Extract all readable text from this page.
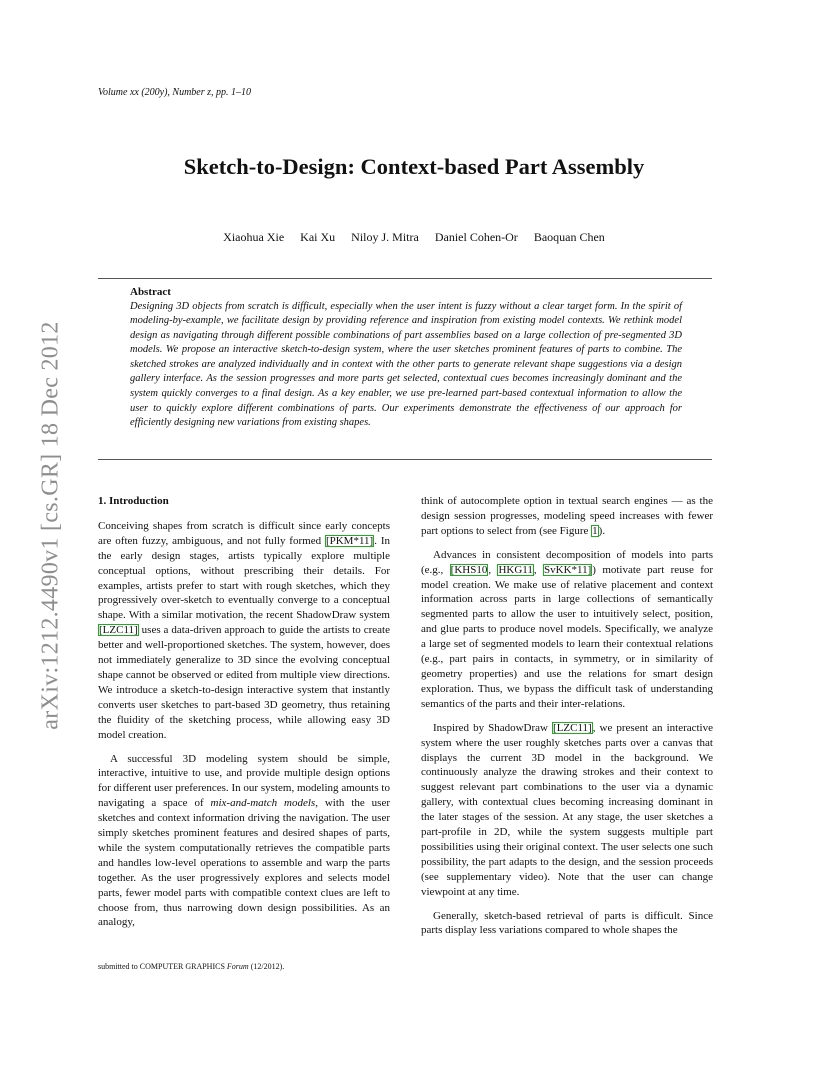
Volume xx (200y), Number z, pp. 1–10
arXiv:1212.4490v1 [cs.GR] 18 Dec 2012
Sketch-to-Design: Context-based Part Assembly
Xiaohua Xie Kai Xu Niloy J. Mitra Daniel Cohen-Or Baoquan Chen
Abstract

Designing 3D objects from scratch is difficult, especially when the user intent is fuzzy without a clear target form. In the spirit of modeling-by-example, we facilitate design by providing reference and inspiration from existing model contexts. We rethink model design as navigating through different possible combinations of part assemblies based on a large collection of pre-segmented 3D models. We propose an interactive sketch-to-design system, where the user sketches prominent features of parts to combine. The sketched strokes are analyzed individually and in context with the other parts to generate relevant shape suggestions via a design gallery interface. As the session progresses and more parts get selected, contextual cues becomes increasingly dominant and the system quickly converges to a final design. As a key enabler, we use pre-learned part-based contextual information to allow the user to quickly explore different combinations of parts. Our experiments demonstrate the effectiveness of our approach for efficiently designing new variations from existing shapes.

1. Introduction

Conceiving shapes from scratch is difficult since early concepts are often fuzzy, ambiguous, and not fully formed [PKM*11]. In the early design stages, artists typically explore multiple conceptual options, without prescribing their details. For examples, artists prefer to start with rough sketches, which they progressively over-sketch to eventually converge to a conceptual shape. With a similar motivation, the recent ShadowDraw system [LZC11] uses a data-driven approach to guide the artists to create better and well-proportioned sketches. The system, however, does not immediately generalize to 3D since the evolving conceptual shape cannot be observed or edited from multiple view directions. We introduce a sketch-to-design interactive system that instantly converts user sketches to part-based 3D geometry, thus retaining the fluidity of the sketching process, while allowing easy 3D model creation.

A successful 3D modeling system should be simple, interactive, intuitive to use, and provide multiple design options for different user preferences. In our system, modeling amounts to navigating a space of mix-and-match models, with the user sketches and context information driving the navigation. The user simply sketches prominent features and desired shapes of parts, while the system computationally retrieves the compatible parts and handles low-level operations to assemble and warp the parts together. As the user progressively explores and selects model parts, fewer model parts with compatible context clues are left to choose from, thus narrowing down design possibilities. As an analogy,

think of autocomplete option in textual search engines — as the design session progresses, modeling speed increases with fewer part options to select from (see Figure 1).

Advances in consistent decomposition of models into parts (e.g., [KHS10, HKG11, SvKK*11]) motivate part reuse for model creation. We make use of relative placement and context information across parts in large collections of semantically segmented parts to allow the user to intuitively select, position, and glue parts to produce novel models. Specifically, we analyze a large set of segmented models to learn their contextual relations (e.g., part pairs in contacts, in symmetry, or in similarity of geometry properties) and use the relations for smart design exploration. Thus, we bypass the difficult task of understanding semantics of the parts and their inter-relations.

Inspired by ShadowDraw [LZC11], we present an interactive system where the user roughly sketches parts over a canvas that displays the current 3D model in the background. We continuously analyze the drawing strokes and their context to suggest relevant part combinations to the user via a dynamic gallery, with contextual clues becoming increasing dominant in the later stages of the session. At any stage, the user sketches a part-profile in 2D, while the system suggests multiple part possibilities using their original context. The user selects one such possibility, the part adapts to the design, and the session proceeds (see supplementary video). Note that the user can change viewpoint at any time.

Generally, sketch-based retrieval of parts is difficult. Since parts display less variations compared to whole shapes the

submitted to COMPUTER GRAPHICS Forum (12/2012).
